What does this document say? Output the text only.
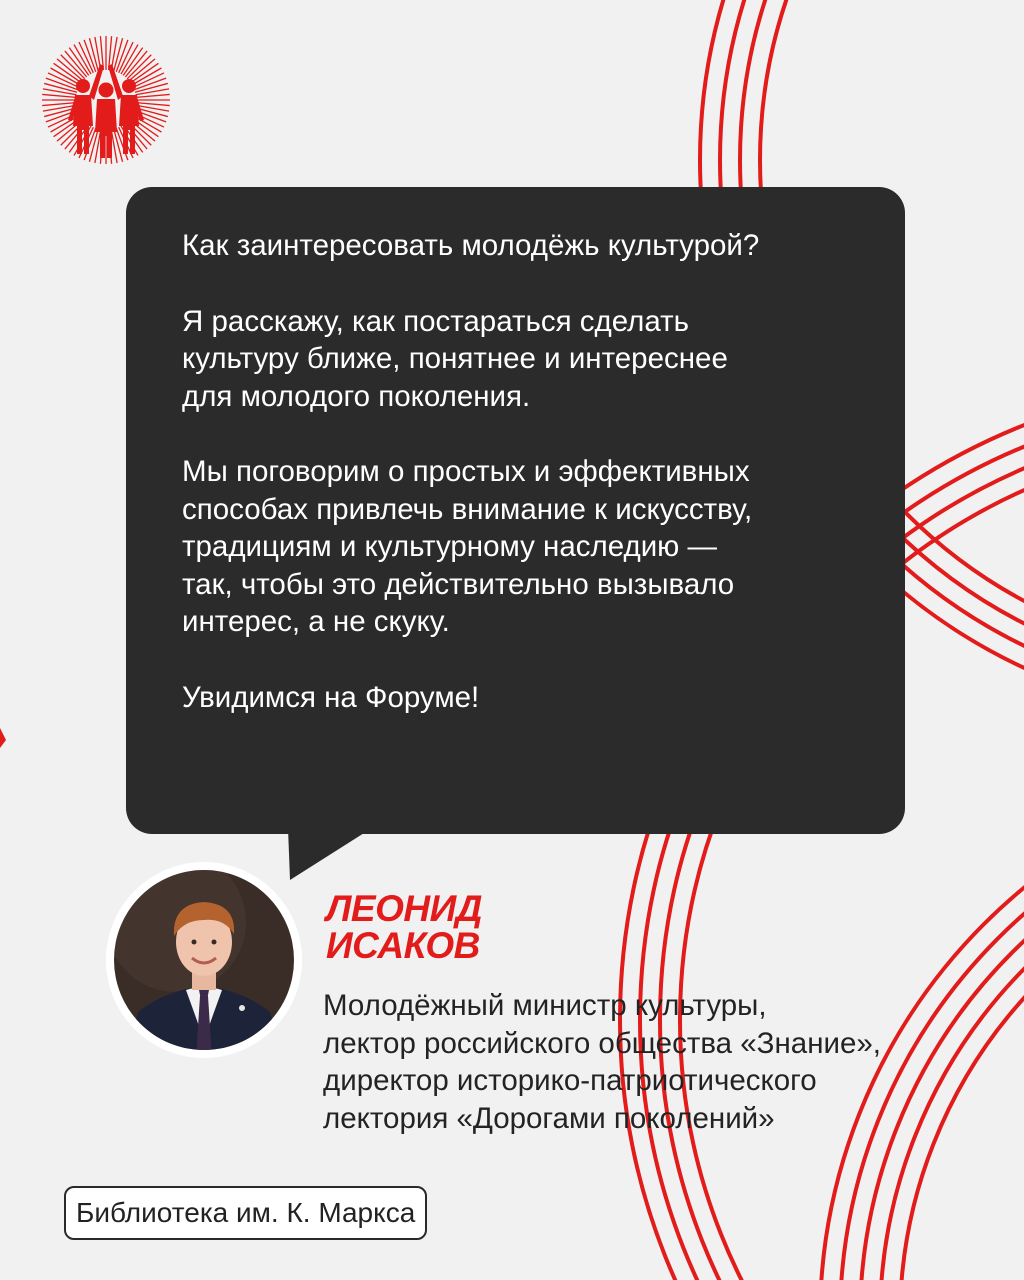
Как заинтересовать молодёжь культурой?

Я расскажу, как постараться сделать
культуру ближе, понятнее и интереснее
для молодого поколения.

Мы поговорим о простых и эффективных
способах привлечь внимание к искусству,
традициям и культурному наследию —
так, чтобы это действительно вызывало
интерес, а не скуку.

Увидимся на Форуме!

ЛЕОНИД
ИСАКОВ

Молодёжный министр культуры,
лектор российского общества «Знание»,
директор историко-патриотического
лектория «Дорогами поколений»

Библиотека им. К. Маркса
